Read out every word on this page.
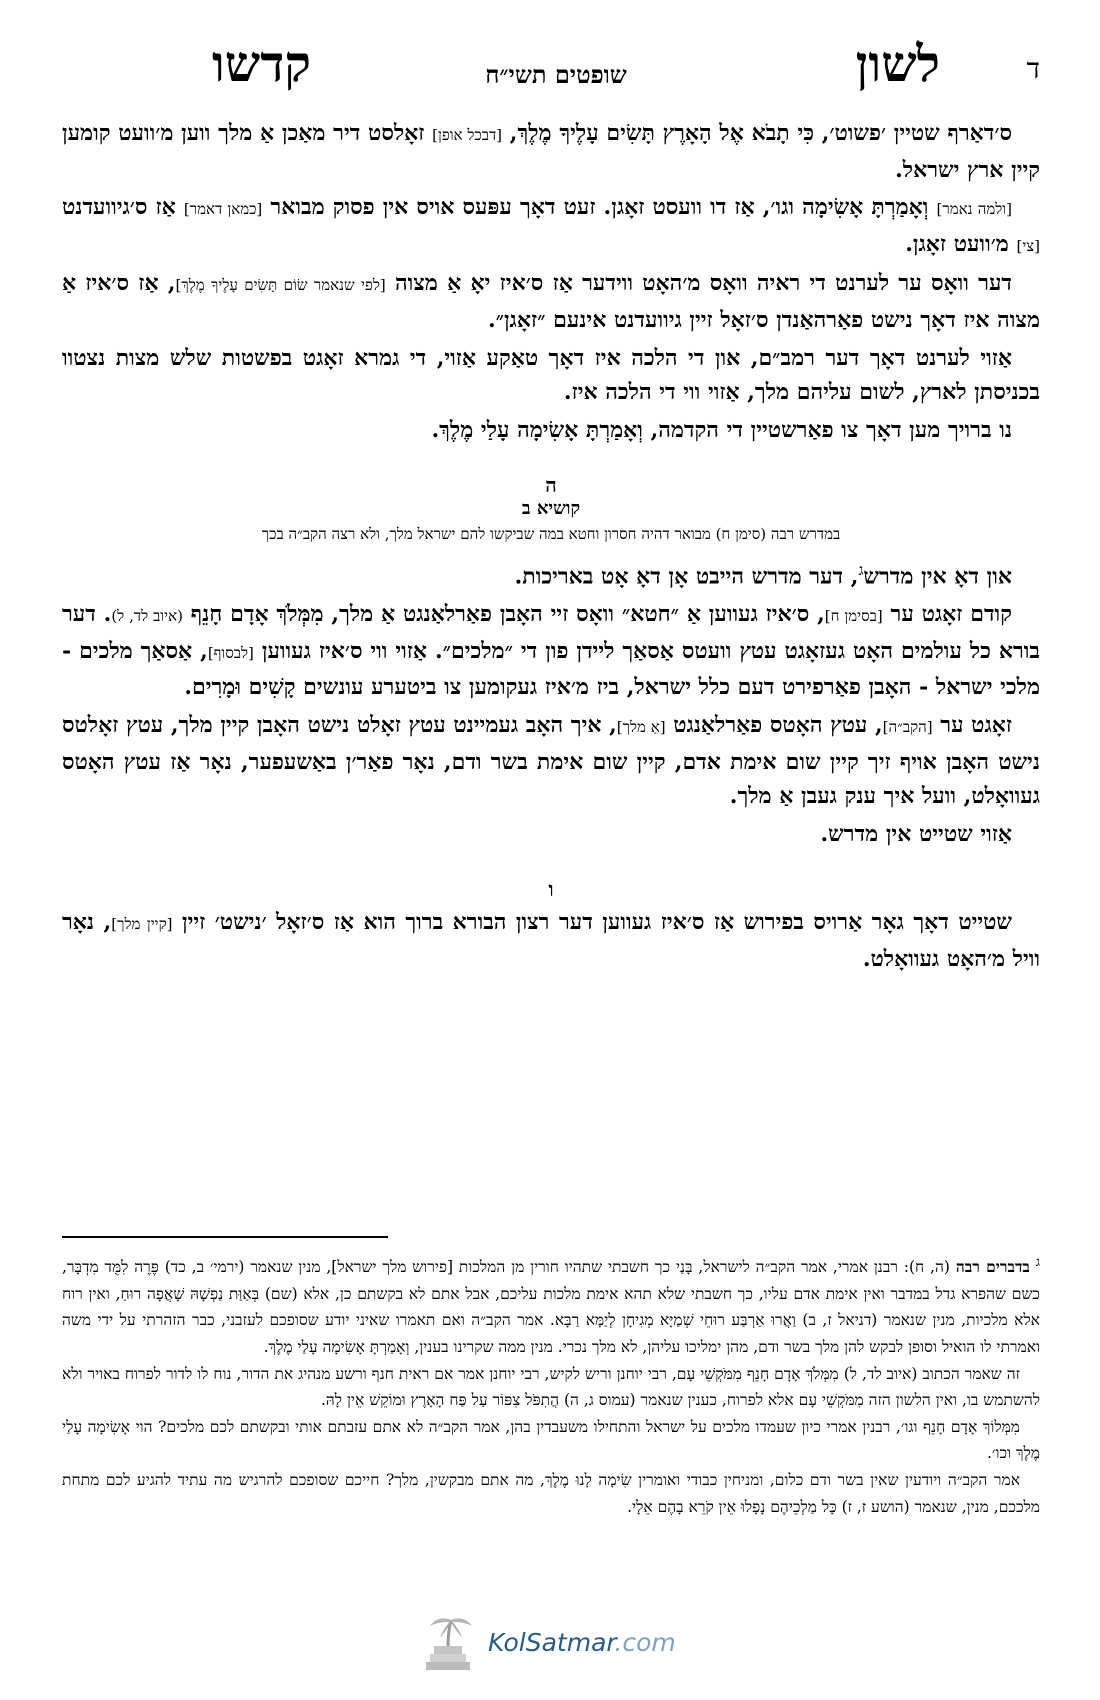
ד
לשון
שופטים תשי״ח
קדשו

ס׳דאַרף שטיין ׳פשוט׳, כִּי תָבֹא אֶל הָאָרֶץ תָּשִׂים עָלֶיךָ מֶלֶךְ, [דבכל אופן] זאָלסט דיר מאַכן אַ מלך ווען מ׳וועט קומען קיין ארץ ישראל.

[ולמה נאמר] וְאָמַרְתָּ אָשִׂימָה וגו׳, אַז דו וועסט זאָגן. זעט דאָך עפּעס אויס אין פסוק מבואר [כמאן דאמר] אַז ס׳גיוועדנט [צי] מ׳וועט זאָגן.

דער וואָס ער לערנט די ראיה וואָס מ׳האָט ווידער אַז ס׳איז יאָ אַ מצוה [לפי שנאמר שׂוֹם תָּשִׂים עָלֶיךָ מֶלֶךְ], אַז ס׳איז אַ מצוה איז דאָך נישט פאַרהאַנדן ס׳זאָל זיין גיוועדנט אינעם ״זאָגן״.

אַזוי לערנט דאָך דער רמב״ם, און די הלכה איז דאָך טאַקע אַזוי, די גמרא זאָגט בפשטות שלש מצות נצטוו בכניסתן לארץ, לשום עליהם מלך, אַזוי ווי די הלכה איז.

נו ברויך מען דאָך צו פאַרשטיין די הקדמה, וְאָמַרְתָּ אָשִׂימָה עָלַי מֶלֶךְ.

ה
קושיא ב
במדרש רבה (סימן ח) מבואר דהיה חסרון וחטא במה שביקשו להם ישראל מלך, ולא רצה הקב״ה בכך

און דאָ אין מדרש$^ג$, דער מדרש הייבט אָן דאָ אָט באריכות.

קודם זאָגט ער [בסימן ח], ס׳איז געווען אַ ״חטא״ וואָס זיי האָבן פאַרלאַנגט אַ מלך, מִמְּלֹךְ אָדָם חָנֵף (איוב לד, ל). דער בורא כל עולמים האָט געזאָגט עטץ וועטס אַסאַך ליידן פון די ״מלכים״. אַזוי ווי ס׳איז געווען [לבסוף], אַסאַך מלכים - מלכי ישראל - האָבן פאַרפירט דעם כלל ישראל, ביז מ׳איז געקומען צו ביטערע עונשים קָשִׁים וּמָרִים.

זאָגט ער [הקב״ה], עטץ האָטס פאַרלאַנגט [אַ מלך], איך האָב געמיינט עטץ זאָלט נישט האָבן קיין מלך, עטץ זאָלטס נישט האָבן אויף זיך קיין שום אימת אדם, קיין שום אימת בשר ודם, נאָר פאַר׳ן באַשעפער, נאָר אַז עטץ האָטס געוואָלט, וועל איך ענק געבן אַ מלך.

אַזוי שטייט אין מדרש.

ו

שטייט דאָך גאָר אַרויס בפירוש אַז ס׳איז געווען דער רצון הבורא ברוך הוא אַז ס׳זאָל ׳נישט׳ זיין [קיין מלך], נאָר וויל מ׳האָט געוואָלט.

$^ג$ בדברים רבה (ה, ח): רבנן אמרי, אמר הקב״ה לישראל, בָּנַי כך חשבתי שתהיו חורין מן המלכות [פירוש מלך ישראל], מנין שנאמר (ירמי׳ ב, כד) פֶּרֶה לִמֻּד מִדְבָּר, כשם שהפרא גדל במדבר ואין אימת אדם עליו, כך חשבתי שלא תהא אימת מלכות עליכם, אבל אתם לא בקשתם כן, אלא (שם) בְּאַוַּת נַפְשָׁהּ שָׁאֲפָה רוּחַ, ואין רוח אלא מלכיות, מנין שנאמר (דניאל ז, ב) וַאֲרוּ אַרְבַּע רוּחֵי שְׁמַיָּא מְגִיחָן לְיַמָּא רַבָּא. אמר הקב״ה ואם תאמרו שאיני יודע שסופכם לעזבני, כבר הזהרתי על ידי משה ואמרתי לו הואיל וסופן לבקש להן מלך בשר ודם, מהן ימליכו עליהן, לא מלך נכרי. מנין ממה שקרינו בענין, וְאָמַרְתָּ אָשִׂימָה עָלַי מֶלֶךְ.

זה שאמר הכתוב (איוב לד, ל) מִמְּלֹךְ אָדָם חָנֵף מִמֹּקְשֵׁי עָם, רבי יוחנן וריש לקיש, רבי יוחנן אמר אם ראית חנף ורשע מנהיג את הדור, נוח לו לדור לפרוח באויר ולא להשתמש בו, ואין הלשון הזה מִמֹּקְשֵׁי עָם אלא לפרוח, כענין שנאמר (עמוס ג, ה) הֲתִפֹּל צִפּוֹר עַל פַּח הָאָרֶץ וּמוֹקֵשׁ אֵין לָהּ.

מִמְּלוֹךְ אָדָם חָנֵף וגו׳, רבנין אמרי כיון שעמדו מלכים על ישראל והתחילו משעבדין בהן, אמר הקב״ה לא אתם עזבתם אותי ובקשתם לכם מלכים? הוי אָשִׂימָה עָלַי מֶלֶךְ וכו׳.

אמר הקב״ה ויודעין שאין בשר ודם כלום, ומניחין כבודי ואומרין שִׂימָה לָנוּ מֶלֶךְ, מה אתם מבקשין, מלך? חייכם שסופכם להרגיש מה עתיד להגיע לכם מתחת מלככם, מנין, שנאמר (הושע ז, ז) כָּל מַלְכֵיהֶם נָפָלוּ אֵין קֹרֵא בָהֶם אֵלָי.

KolSatmar.com
